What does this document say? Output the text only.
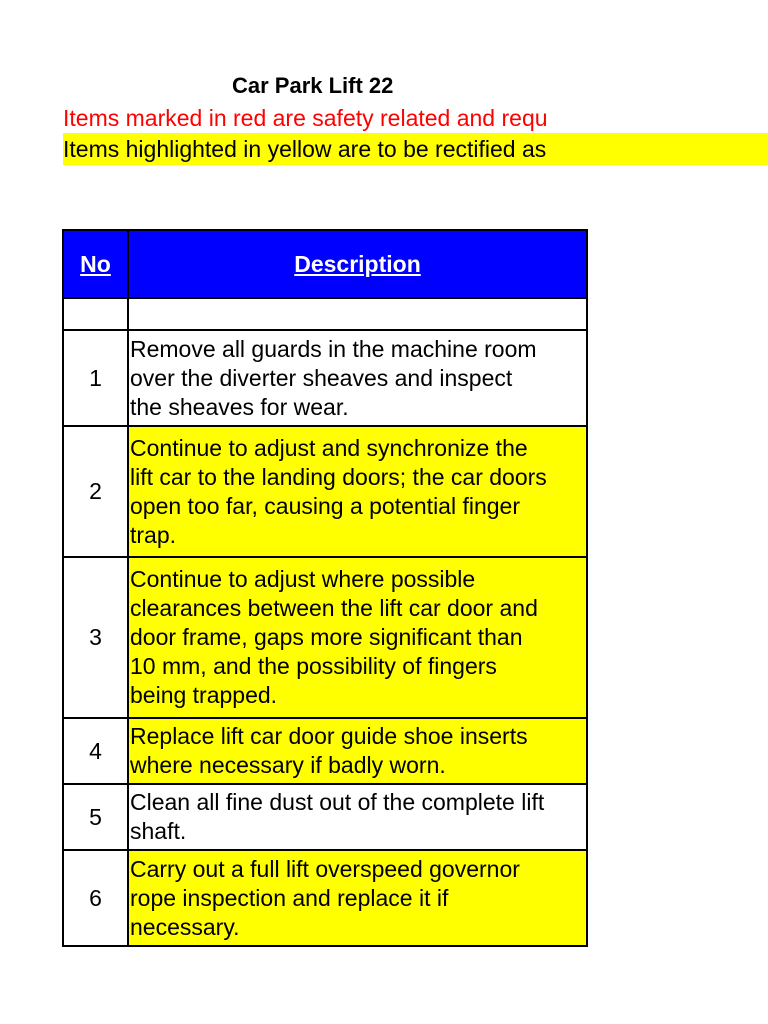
Car Park Lift 22
Items marked in red are safety related and requ
Items highlighted in yellow are to be rectified as
No	Description

1	Remove all guards in the machine room
over the diverter sheaves and inspect
the sheaves for wear.

2	Continue to adjust and synchronize the
lift car to the landing doors; the car doors
open too far, causing a potential finger
trap.

3	Continue to adjust where possible
clearances between the lift car door and
door frame, gaps more significant than
10 mm, and the possibility of fingers
being trapped.

4	Replace lift car door guide shoe inserts
where necessary if badly worn.

5	Clean all fine dust out of the complete lift
shaft.

6	Carry out a full lift overspeed governor
rope inspection and replace it if
necessary.
